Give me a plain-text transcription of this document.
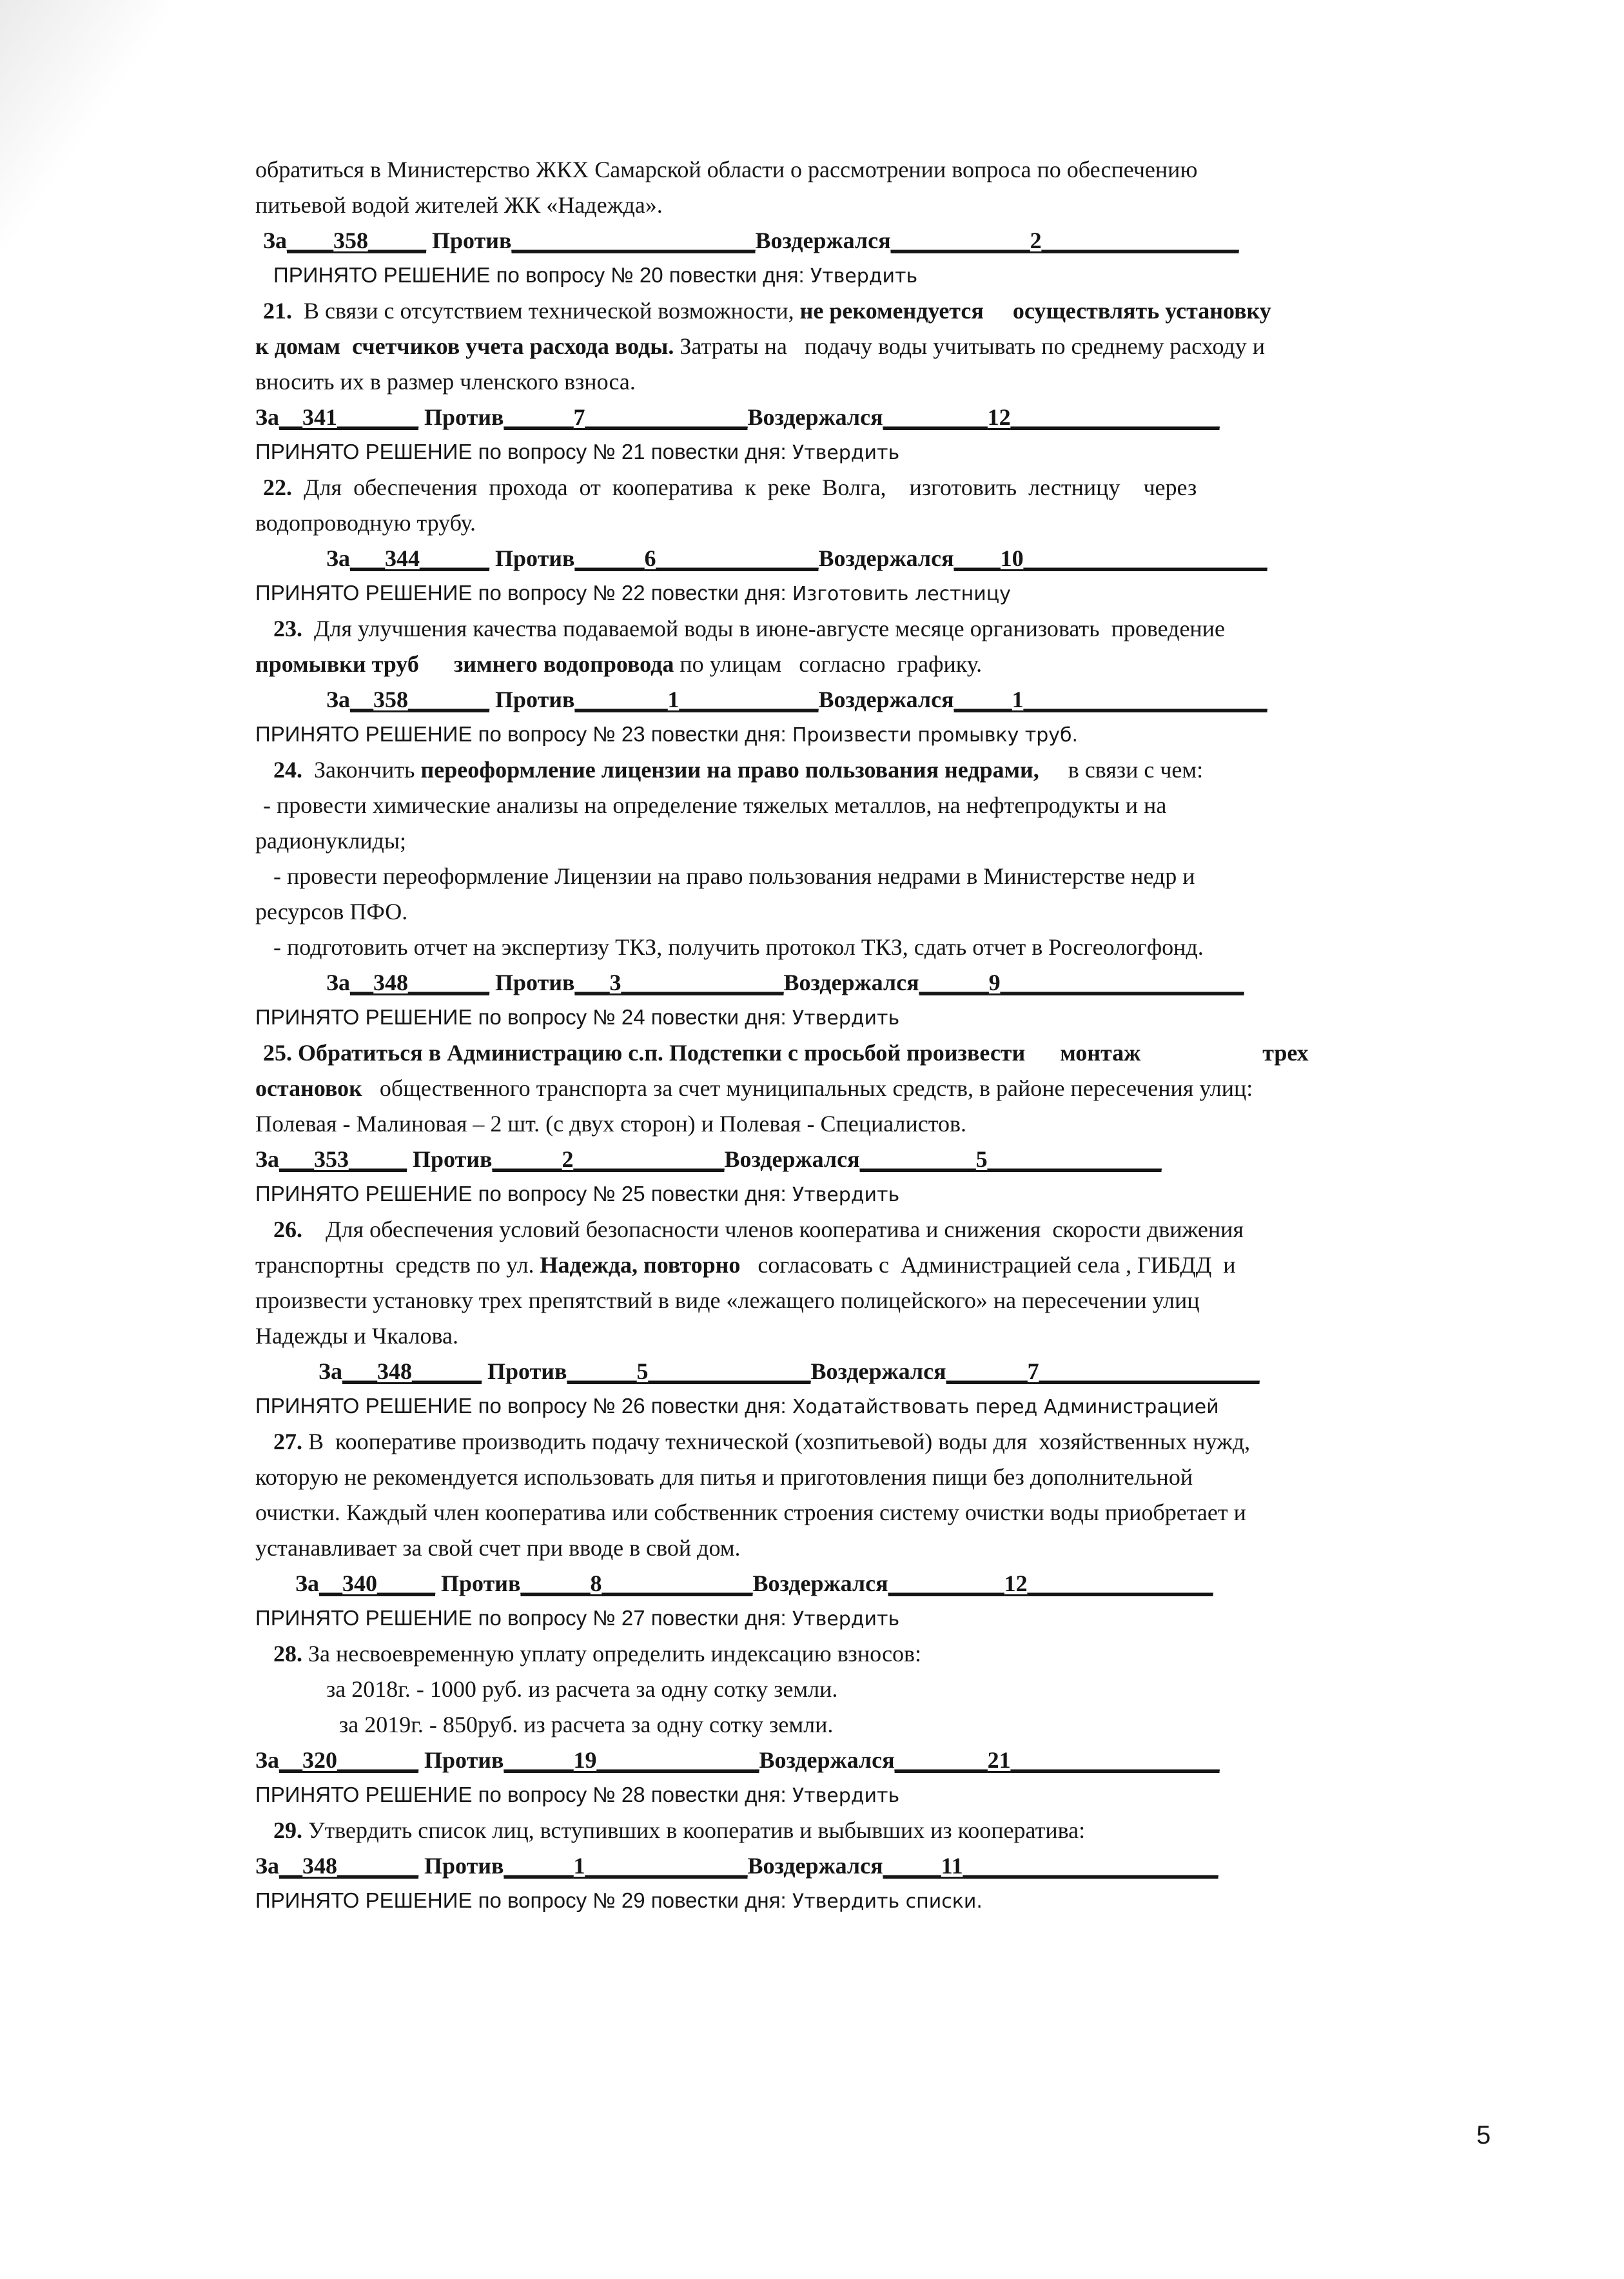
обратиться в Министерство ЖКХ Самарской области о рассмотрении вопроса по обеспечению
питьевой водой жителей ЖК «Надежда».
За____358_____ Против_____________________Воздержался____________2_________________
ПРИНЯТО РЕШЕНИЕ по вопросу № 20 повестки дня: Утвердить
21.  В связи с отсутствием технической возможности, не рекомендуется осуществлять установку
к домам  счетчиков учета расхода воды. Затраты на   подачу воды учитывать по среднему расходу и
вносить их в размер членского взноса.
За__341_______ Против______7______________Воздержался_________12__________________
ПРИНЯТО РЕШЕНИЕ по вопросу № 21 повестки дня: Утвердить
22.  Для  обеспечения  прохода  от  кооператива  к  реке  Волга,    изготовить  лестницу    через
водопроводную трубу.
За___344______ Против______6______________Воздержался____10_____________________
ПРИНЯТО РЕШЕНИЕ по вопросу № 22 повестки дня: Изготовить лестницу
23.  Для улучшения качества подаваемой воды в июне-августе месяце организовать  проведение
промывки труб зимнего водопровода по улицам   согласно  графику.
За__358_______ Против________1____________Воздержался_____1_____________________
ПРИНЯТО РЕШЕНИЕ по вопросу № 23 повестки дня: Произвести промывку труб.
24.  Закончить переоформление лицензии на право пользования недрами,     в связи с чем:
- провести химические анализы на определение тяжелых металлов, на нефтепродукты и на
радионуклиды;
- провести переоформление Лицензии на право пользования недрами в Министерстве недр и
ресурсов ПФО.
- подготовить отчет на экспертизу ТКЗ, получить протокол ТКЗ, сдать отчет в Росгеологфонд.
За__348_______ Против___3______________Воздержался______9_____________________
ПРИНЯТО РЕШЕНИЕ по вопросу № 24 повестки дня: Утвердить
25. Обратиться в Администрацию с.п. Подстепки с просьбой произвести      монтаж                     трех
остановок   общественного транспорта за счет муниципальных средств, в районе пересечения улиц:
Полевая - Малиновая – 2 шт. (с двух сторон) и Полевая - Специалистов.
За___353_____ Против______2_____________Воздержался__________5_______________
ПРИНЯТО РЕШЕНИЕ по вопросу № 25 повестки дня: Утвердить
26.    Для обеспечения условий безопасности членов кооператива и снижения  скорости движения
транспортны  средств по ул. Надежда, повторно   согласовать с  Администрацией села , ГИБДД  и
произвести установку трех препятствий в виде «лежащего полицейского» на пересечении улиц
Надежды и Чкалова.
За___348______ Против______5______________Воздержался_______7___________________
ПРИНЯТО РЕШЕНИЕ по вопросу № 26 повестки дня: Ходатайствовать перед Администрацией
27. В  кооперативе производить подачу технической (хозпитьевой) воды для  хозяйственных нужд,
которую не рекомендуется использовать для питья и приготовления пищи без дополнительной
очистки. Каждый член кооператива или собственник строения систему очистки воды приобретает и
устанавливает за свой счет при вводе в свой дом.
За__340_____ Против______8_____________Воздержался__________12________________
ПРИНЯТО РЕШЕНИЕ по вопросу № 27 повестки дня: Утвердить
28. За несвоевременную уплату определить индексацию взносов:
за 2018г. - 1000 руб. из расчета за одну сотку земли.
за 2019г. - 850руб. из расчета за одну сотку земли.
За__320_______ Против______19______________Воздержался________21__________________
ПРИНЯТО РЕШЕНИЕ по вопросу № 28 повестки дня: Утвердить
29. Утвердить список лиц, вступивших в кооператив и выбывших из кооператива:
За__348_______ Против______1______________Воздержался_____11______________________
ПРИНЯТО РЕШЕНИЕ по вопросу № 29 повестки дня: Утвердить списки.
5
